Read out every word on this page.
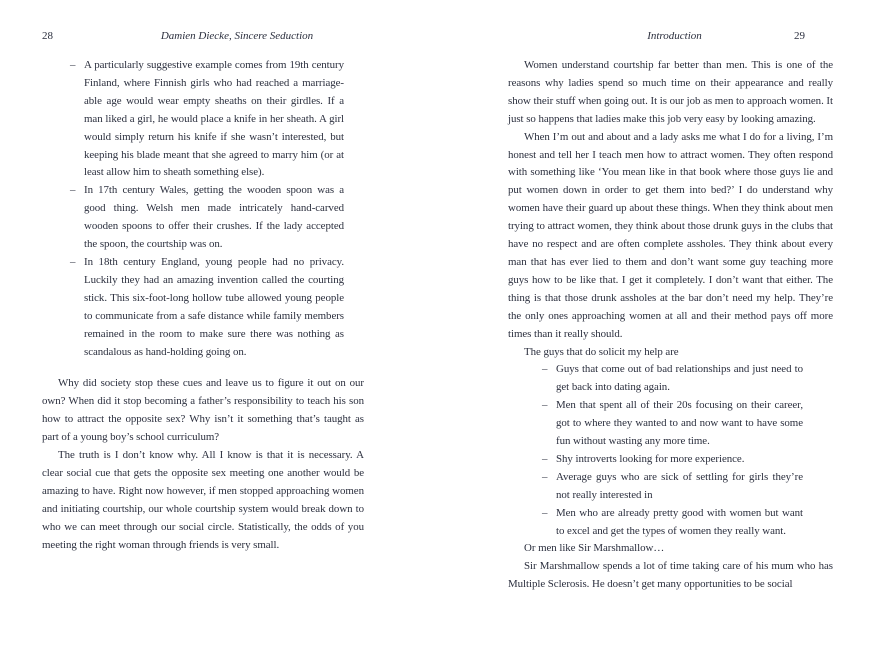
28	Damien Diecke, Sincere Seduction
– A particularly suggestive example comes from 19th century Finland, where Finnish girls who had reached a marriage-able age would wear empty sheaths on their girdles. If a man liked a girl, he would place a knife in her sheath. A girl would simply return his knife if she wasn’t interested, but keeping his blade meant that she agreed to marry him (or at least allow him to sheath something else).
– In 17th century Wales, getting the wooden spoon was a good thing. Welsh men made intricately hand-carved wooden spoons to offer their crushes. If the lady accepted the spoon, the courtship was on.
– In 18th century England, young people had no privacy. Luckily they had an amazing invention called the courting stick. This six-foot-long hollow tube allowed young people to communicate from a safe distance while family members remained in the room to make sure there was nothing as scandalous as hand-holding going on.

Why did society stop these cues and leave us to figure it out on our own? When did it stop becoming a father’s responsibility to teach his son how to attract the opposite sex? Why isn’t it something that’s taught as part of a young boy’s school curriculum?

The truth is I don’t know why. All I know is that it is necessary. A clear social cue that gets the opposite sex meeting one another would be amazing to have. Right now however, if men stopped approaching women and initiating courtship, our whole courtship system would break down to who we can meet through our social circle. Statistically, the odds of you meeting the right woman through friends is very small.

Introduction	29

Women understand courtship far better than men. This is one of the reasons why ladies spend so much time on their appearance and really show their stuff when going out. It is our job as men to approach women. It just so happens that ladies make this job very easy by looking amazing.

When I’m out and about and a lady asks me what I do for a living, I’m honest and tell her I teach men how to attract women. They often respond with something like ‘You mean like in that book where those guys lie and put women down in order to get them into bed?’ I do understand why women have their guard up about these things. When they think about men trying to attract women, they think about those drunk guys in the clubs that have no respect and are often complete assholes. They think about every man that has ever lied to them and don’t want some guy teaching more guys how to be like that. I get it completely. I don’t want that either. The thing is that those drunk assholes at the bar don’t need my help. They’re the only ones approaching women at all and their method pays off more times than it really should.

The guys that do solicit my help are

– Guys that come out of bad relationships and just need to get back into dating again.
– Men that spent all of their 20s focusing on their career, got to where they wanted to and now want to have some fun without wasting any more time.
– Shy introverts looking for more experience.
– Average guys who are sick of settling for girls they’re not really interested in
– Men who are already pretty good with women but want to excel and get the types of women they really want.

Or men like Sir Marshmallow…

Sir Marshmallow spends a lot of time taking care of his mum who has Multiple Sclerosis. He doesn’t get many opportunities to be social
